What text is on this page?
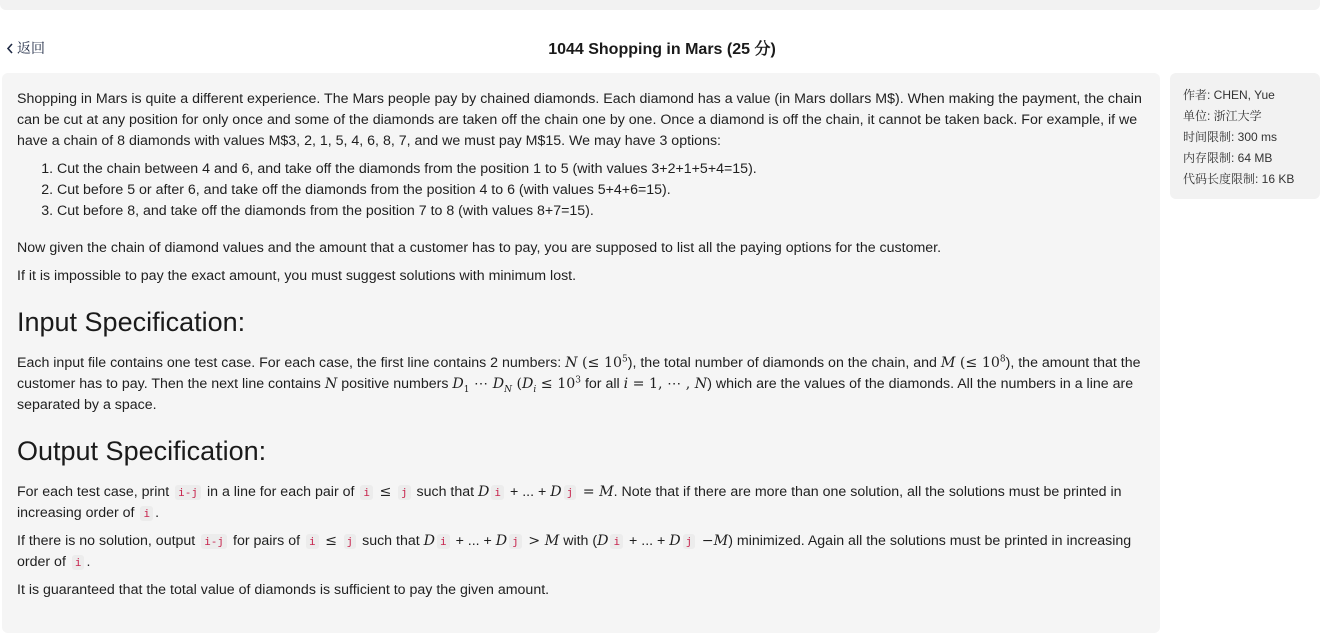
返回	1044 Shopping in Mars (25 分)

Shopping in Mars is quite a different experience. The Mars people pay by chained diamonds. Each diamond has a value (in Mars dollars M$). When making the payment, the chain can be cut at any position for only once and some of the diamonds are taken off the chain one by one. Once a diamond is off the chain, it cannot be taken back. For example, if we have a chain of 8 diamonds with values M$3, 2, 1, 5, 4, 6, 8, 7, and we must pay M$15. We may have 3 options:

1. Cut the chain between 4 and 6, and take off the diamonds from the position 1 to 5 (with values 3+2+1+5+4=15).
2. Cut before 5 or after 6, and take off the diamonds from the position 4 to 6 (with values 5+4+6=15).
3. Cut before 8, and take off the diamonds from the position 7 to 8 (with values 8+7=15).

Now given the chain of diamond values and the amount that a customer has to pay, you are supposed to list all the paying options for the customer.

If it is impossible to pay the exact amount, you must suggest solutions with minimum lost.

Input Specification:

Each input file contains one test case. For each case, the first line contains 2 numbers: N (≤ $10^5$), the total number of diamonds on the chain, and M (≤ $10^8$), the amount that the customer has to pay. Then the next line contains N positive numbers $D_1$ ⋯ $D_N$ ($D_i \le 10^3$ for all i = 1, ⋯ , N) which are the values of the diamonds. All the numbers in a line are separated by a space.

Output Specification:

For each test case, print i-j in a line for each pair of i ≤ j such that D i + ... + D j = M. Note that if there are more than one solution, all the solutions must be printed in increasing order of i .

If there is no solution, output i-j for pairs of i ≤ j such that D i + ... + D j > M with (D i + ... + D j −M) minimized. Again all the solutions must be printed in increasing order of i .

It is guaranteed that the total value of diamonds is sufficient to pay the given amount.

作者: CHEN, Yue
单位: 浙江大学
时间限制: 300 ms
内存限制: 64 MB
代码长度限制: 16 KB
